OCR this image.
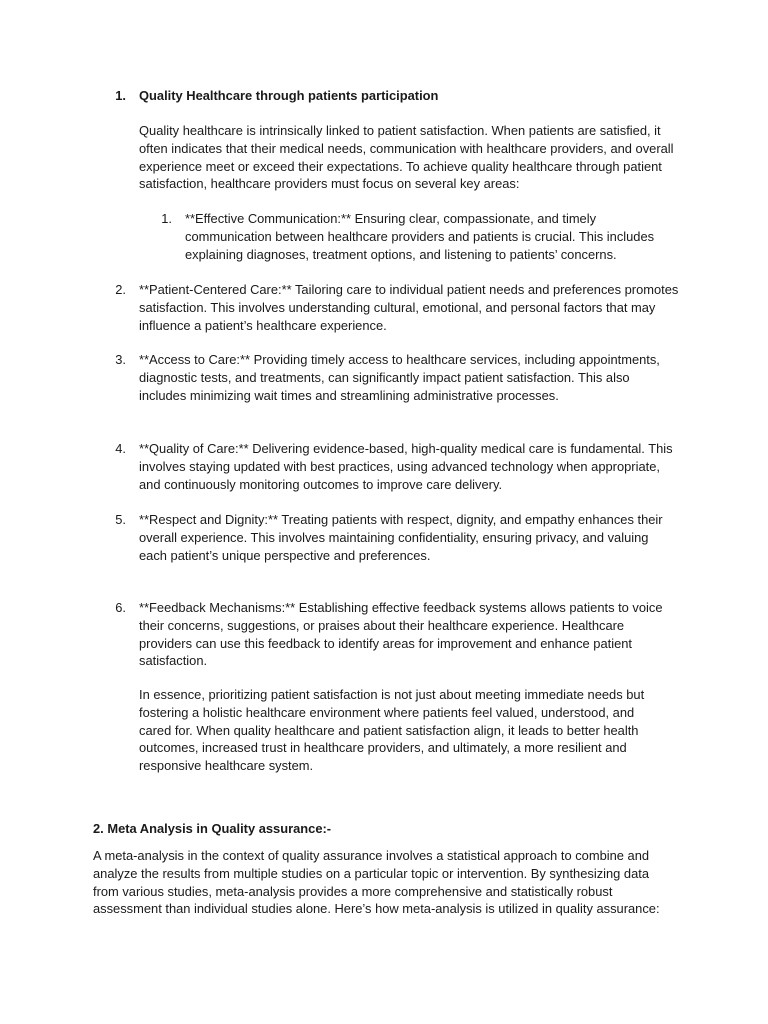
1. Quality Healthcare through patients participation
Quality healthcare is intrinsically linked to patient satisfaction. When patients are satisfied, it often indicates that their medical needs, communication with healthcare providers, and overall experience meet or exceed their expectations. To achieve quality healthcare through patient satisfaction, healthcare providers must focus on several key areas:
1. **Effective Communication:** Ensuring clear, compassionate, and timely communication between healthcare providers and patients is crucial. This includes explaining diagnoses, treatment options, and listening to patients’ concerns.
2. **Patient-Centered Care:** Tailoring care to individual patient needs and preferences promotes satisfaction. This involves understanding cultural, emotional, and personal factors that may influence a patient’s healthcare experience.
3. **Access to Care:** Providing timely access to healthcare services, including appointments, diagnostic tests, and treatments, can significantly impact patient satisfaction. This also includes minimizing wait times and streamlining administrative processes.
4. **Quality of Care:** Delivering evidence-based, high-quality medical care is fundamental. This involves staying updated with best practices, using advanced technology when appropriate, and continuously monitoring outcomes to improve care delivery.
5. **Respect and Dignity:** Treating patients with respect, dignity, and empathy enhances their overall experience. This involves maintaining confidentiality, ensuring privacy, and valuing each patient’s unique perspective and preferences.
6. **Feedback Mechanisms:** Establishing effective feedback systems allows patients to voice their concerns, suggestions, or praises about their healthcare experience. Healthcare providers can use this feedback to identify areas for improvement and enhance patient satisfaction.
In essence, prioritizing patient satisfaction is not just about meeting immediate needs but fostering a holistic healthcare environment where patients feel valued, understood, and cared for. When quality healthcare and patient satisfaction align, it leads to better health outcomes, increased trust in healthcare providers, and ultimately, a more resilient and responsive healthcare system.
2. Meta Analysis in Quality assurance:-
A meta-analysis in the context of quality assurance involves a statistical approach to combine and analyze the results from multiple studies on a particular topic or intervention. By synthesizing data from various studies, meta-analysis provides a more comprehensive and statistically robust assessment than individual studies alone. Here’s how meta-analysis is utilized in quality assurance:
